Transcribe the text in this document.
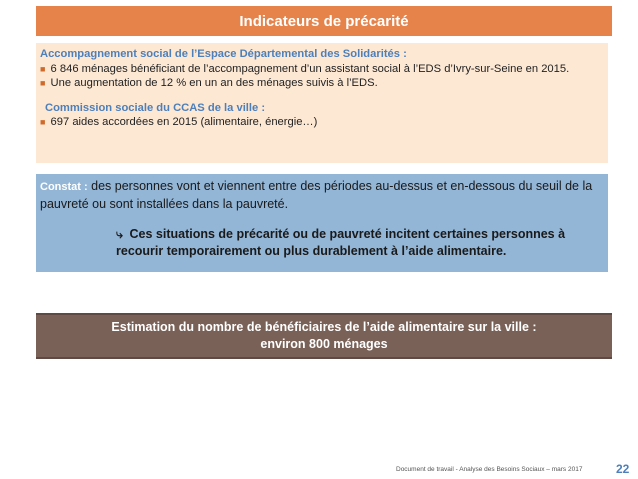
Indicateurs de précarité
Accompagnement social de l’Espace Départemental des Solidarités :
■ 6 846 ménages bénéficiant de l’accompagnement d’un assistant social à l’EDS d’Ivry-sur-Seine en 2015.
■ Une augmentation de 12 % en un an des ménages suivis à l’EDS.
Commission sociale du CCAS de la ville :
■ 697 aides accordées en 2015 (alimentaire, énergie…)
Constat : des personnes vont et viennent entre des périodes au-dessus et en-dessous du seuil de la pauvreté ou sont installées dans la pauvreté.
⤷ Ces situations de précarité ou de pauvreté incitent certaines personnes à recourir temporairement ou plus durablement à l’aide alimentaire.
Estimation du nombre de bénéficiaires de l’aide alimentaire sur la ville :
environ 800 ménages
Document de travail - Analyse des Besoins Sociaux – mars 2017	22
